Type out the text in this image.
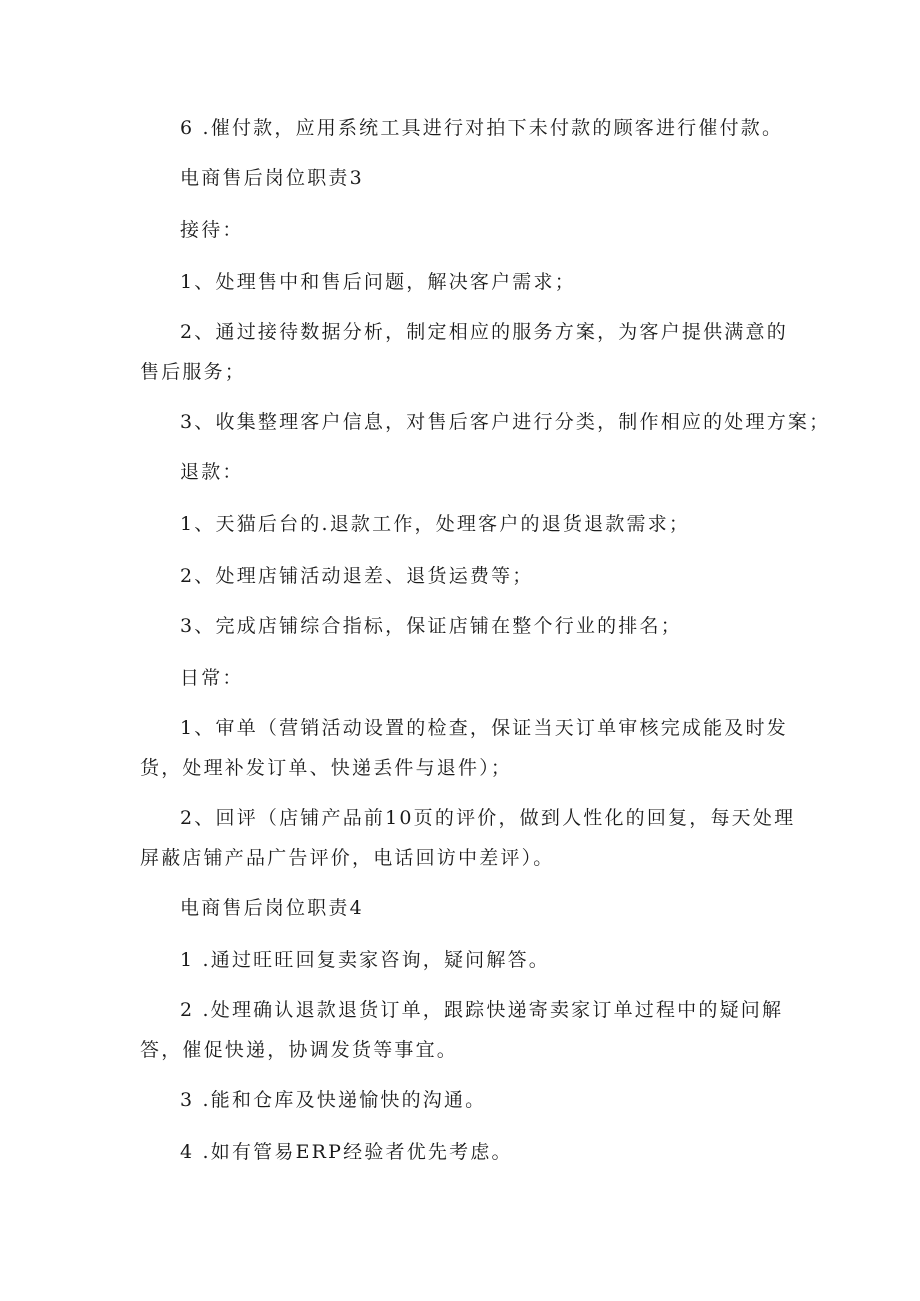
6 .催付款，应用系统工具进行对拍下未付款的顾客进行催付款。

电商售后岗位职责3

接待：

1、处理售中和售后问题，解决客户需求；

2、通过接待数据分析，制定相应的服务方案，为客户提供满意的售后服务；

3、收集整理客户信息，对售后客户进行分类，制作相应的处理方案；

退款：

1、天猫后台的.退款工作，处理客户的退货退款需求；

2、处理店铺活动退差、退货运费等；

3、完成店铺综合指标，保证店铺在整个行业的排名；

日常：

1、审单（营销活动设置的检查，保证当天订单审核完成能及时发货，处理补发订单、快递丢件与退件）；

2、回评（店铺产品前10页的评价，做到人性化的回复，每天处理屏蔽店铺产品广告评价，电话回访中差评）。

电商售后岗位职责4

1 .通过旺旺回复卖家咨询，疑问解答。

2 .处理确认退款退货订单，跟踪快递寄卖家订单过程中的疑问解答，催促快递，协调发货等事宜。

3 .能和仓库及快递愉快的沟通。

4 .如有管易ERP经验者优先考虑。
